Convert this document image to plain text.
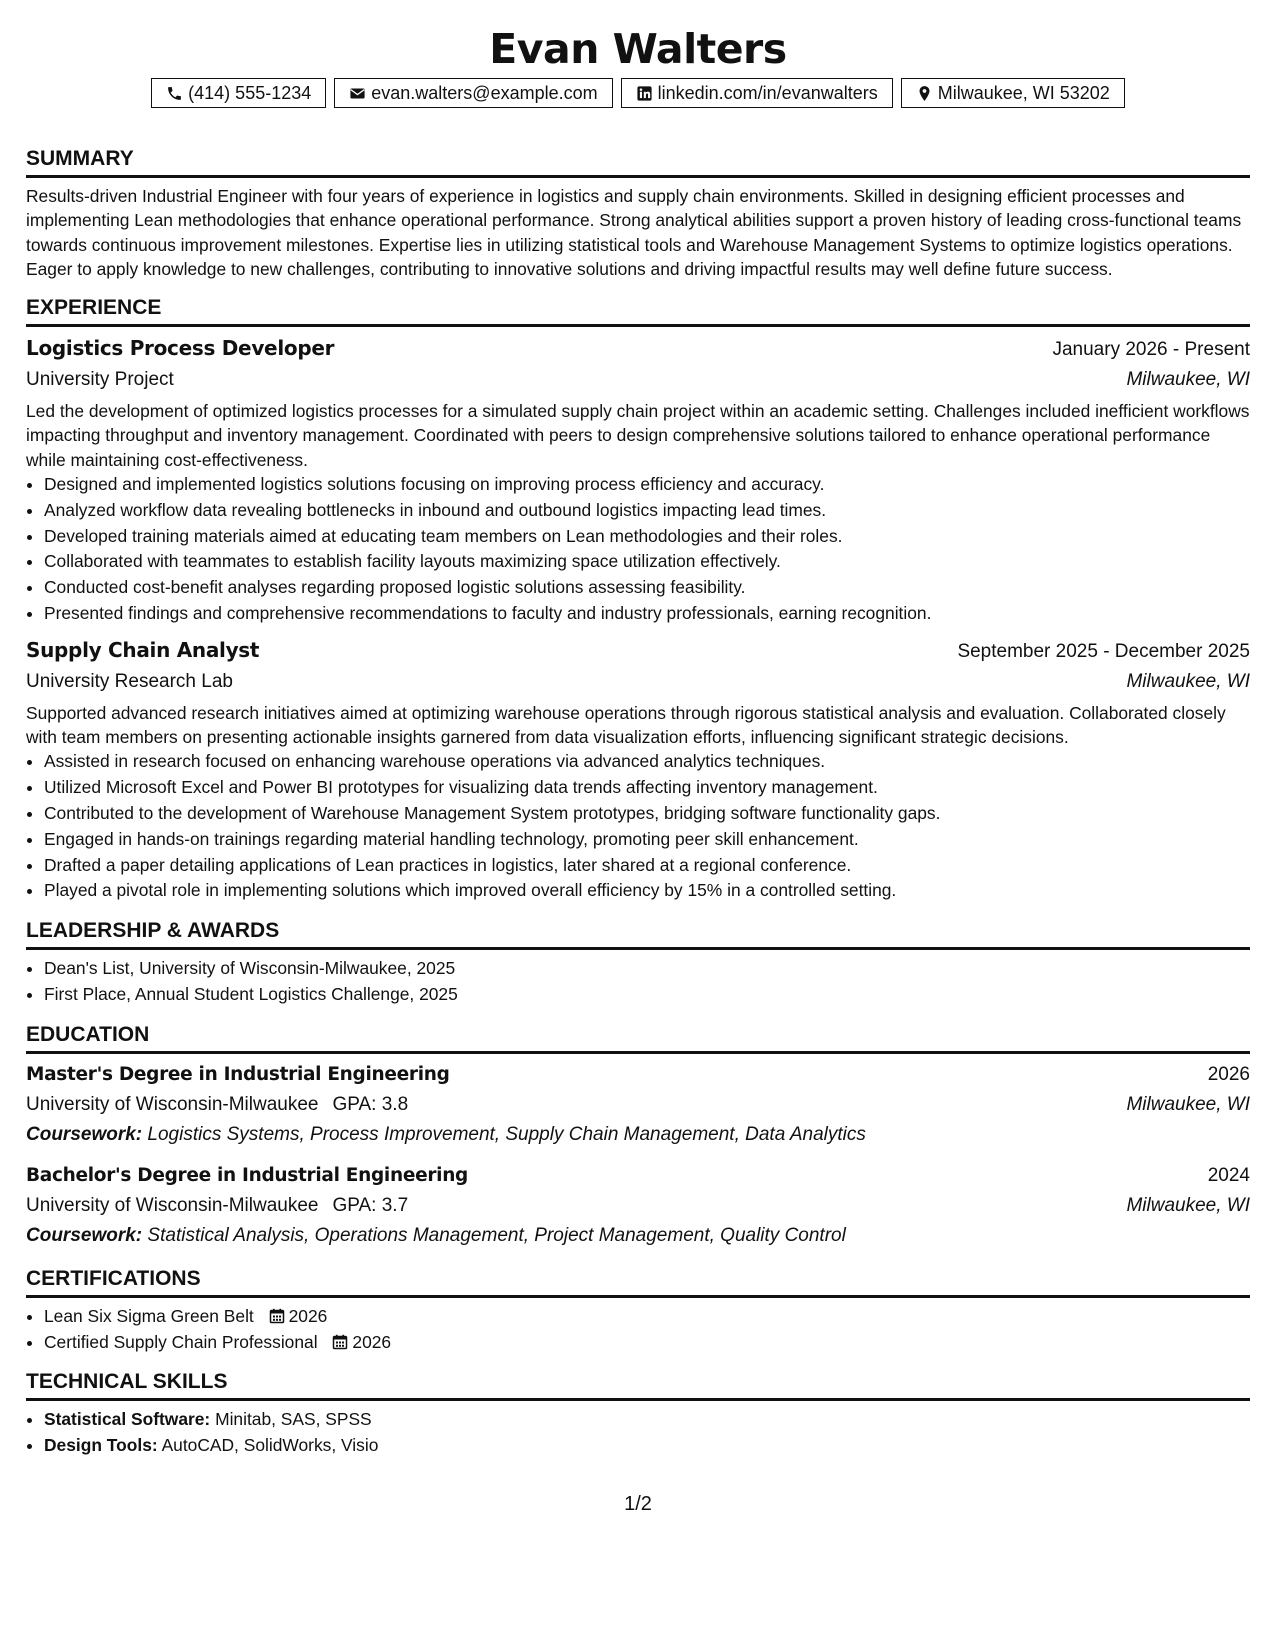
Evan Walters
(414) 555-1234	evan.walters@example.com	linkedin.com/in/evanwalters	Milwaukee, WI 53202
SUMMARY
Results-driven Industrial Engineer with four years of experience in logistics and supply chain environments. Skilled in designing efficient processes and implementing Lean methodologies that enhance operational performance. Strong analytical abilities support a proven history of leading cross-functional teams towards continuous improvement milestones. Expertise lies in utilizing statistical tools and Warehouse Management Systems to optimize logistics operations. Eager to apply knowledge to new challenges, contributing to innovative solutions and driving impactful results may well define future success.
EXPERIENCE
Logistics Process Developer	January 2026 - Present
University Project	Milwaukee, WI
Led the development of optimized logistics processes for a simulated supply chain project within an academic setting. Challenges included inefficient workflows impacting throughput and inventory management. Coordinated with peers to design comprehensive solutions tailored to enhance operational performance while maintaining cost-effectiveness.
• Designed and implemented logistics solutions focusing on improving process efficiency and accuracy.
• Analyzed workflow data revealing bottlenecks in inbound and outbound logistics impacting lead times.
• Developed training materials aimed at educating team members on Lean methodologies and their roles.
• Collaborated with teammates to establish facility layouts maximizing space utilization effectively.
• Conducted cost-benefit analyses regarding proposed logistic solutions assessing feasibility.
• Presented findings and comprehensive recommendations to faculty and industry professionals, earning recognition.
Supply Chain Analyst	September 2025 - December 2025
University Research Lab	Milwaukee, WI
Supported advanced research initiatives aimed at optimizing warehouse operations through rigorous statistical analysis and evaluation. Collaborated closely with team members on presenting actionable insights garnered from data visualization efforts, influencing significant strategic decisions.
• Assisted in research focused on enhancing warehouse operations via advanced analytics techniques.
• Utilized Microsoft Excel and Power BI prototypes for visualizing data trends affecting inventory management.
• Contributed to the development of Warehouse Management System prototypes, bridging software functionality gaps.
• Engaged in hands-on trainings regarding material handling technology, promoting peer skill enhancement.
• Drafted a paper detailing applications of Lean practices in logistics, later shared at a regional conference.
• Played a pivotal role in implementing solutions which improved overall efficiency by 15% in a controlled setting.
LEADERSHIP & AWARDS
• Dean's List, University of Wisconsin-Milwaukee, 2025
• First Place, Annual Student Logistics Challenge, 2025
EDUCATION
Master's Degree in Industrial Engineering	2026
University of Wisconsin-Milwaukee GPA: 3.8	Milwaukee, WI
Coursework: Logistics Systems, Process Improvement, Supply Chain Management, Data Analytics
Bachelor's Degree in Industrial Engineering	2024
University of Wisconsin-Milwaukee GPA: 3.7	Milwaukee, WI
Coursework: Statistical Analysis, Operations Management, Project Management, Quality Control
CERTIFICATIONS
• Lean Six Sigma Green Belt 2026
• Certified Supply Chain Professional 2026
TECHNICAL SKILLS
• Statistical Software: Minitab, SAS, SPSS
• Design Tools: AutoCAD, SolidWorks, Visio
1/2
